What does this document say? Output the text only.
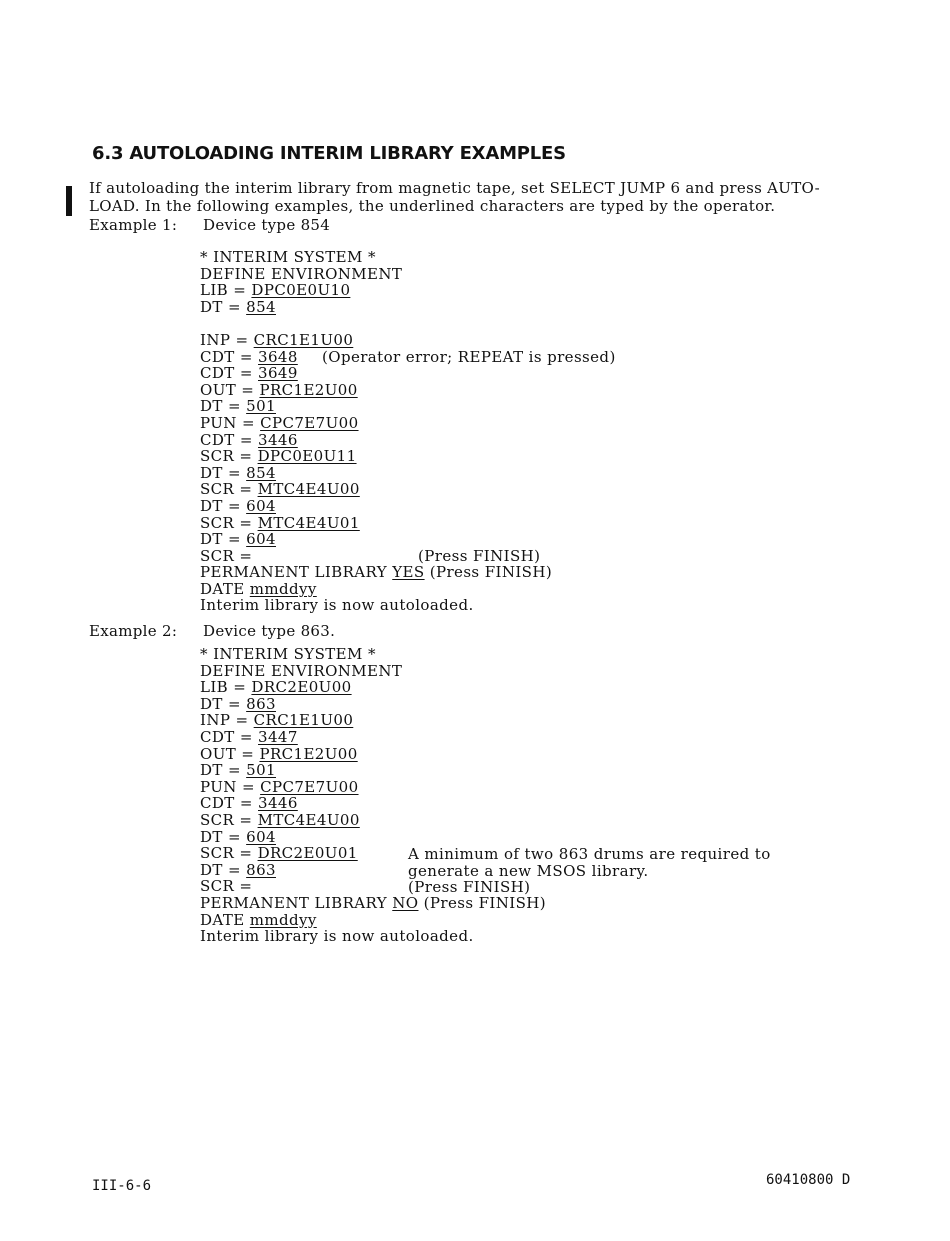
6.3 AUTOLOADING INTERIM LIBRARY EXAMPLES
If autoloading the interim library from magnetic tape, set SELECT JUMP 6 and press AUTO-
LOAD. In the following examples, the underlined characters are typed by the operator.
Example 1: Device type 854
* INTERIM SYSTEM *
DEFINE ENVIRONMENT
LIB = DPC0E0U10
DT = 854
INP = CRC1E1U00
CDT = 3648 (Operator error; REPEAT is pressed)
CDT = 3649
OUT = PRC1E2U00
DT = 501
PUN = CPC7E7U00
CDT = 3446
SCR = DPC0E0U11
DT = 854
SCR = MTC4E4U00
DT = 604
SCR = MTC4E4U01
DT = 604
SCR =	(Press FINISH)
PERMANENT LIBRARY YES (Press FINISH)
DATE mmddyy
Interim library is now autoloaded.
Example 2: Device type 863.
* INTERIM SYSTEM *
DEFINE ENVIRONMENT
LIB = DRC2E0U00
DT = 863
INP = CRC1E1U00
CDT = 3447
OUT = PRC1E2U00
DT = 501
PUN = CPC7E7U00
CDT = 3446
SCR = MTC4E4U00
DT = 604
SCR = DRC2E0U01
DT = 863
SCR =
PERMANENT LIBRARY NO (Press FINISH)
DATE mmddyy
Interim library is now autoloaded.
A minimum of two 863 drums are required to
generate a new MSOS library.
(Press FINISH)
III-6-6	60410800 D
